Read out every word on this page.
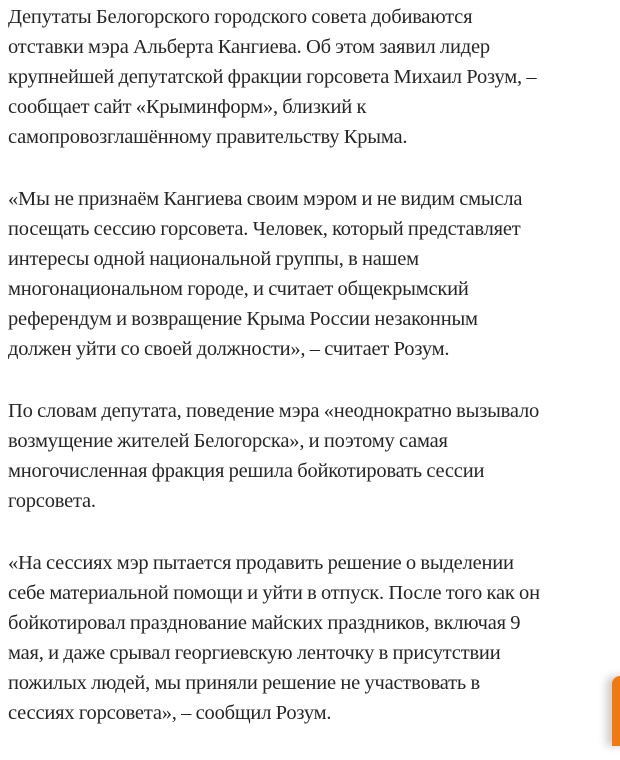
Депутаты Белогорского городского совета добиваются
отставки мэра Альберта Кангиева. Об этом заявил лидер
крупнейшей депутатской фракции горсовета Михаил Розум, –
сообщает сайт «Крыминформ», близкий к
самопровозглашённому правительству Крыма.

«Мы не признаём Кангиева своим мэром и не видим смысла
посещать сессию горсовета. Человек, который представляет
интересы одной национальной группы, в нашем
многонациональном городе, и считает общекрымский
референдум и возвращение Крыма России незаконным
должен уйти со своей должности», – считает Розум.

По словам депутата, поведение мэра «неоднократно вызывало
возмущение жителей Белогорска», и поэтому самая
многочисленная фракция решила бойкотировать сессии
горсовета.

«На сессиях мэр пытается продавить решение о выделении
себе материальной помощи и уйти в отпуск. После того как он
бойкотировал празднование майских праздников, включая 9
мая, и даже срывал георгиевскую ленточку в присутствии
пожилых людей, мы приняли решение не участвовать в
сессиях горсовета», – сообщил Розум.
